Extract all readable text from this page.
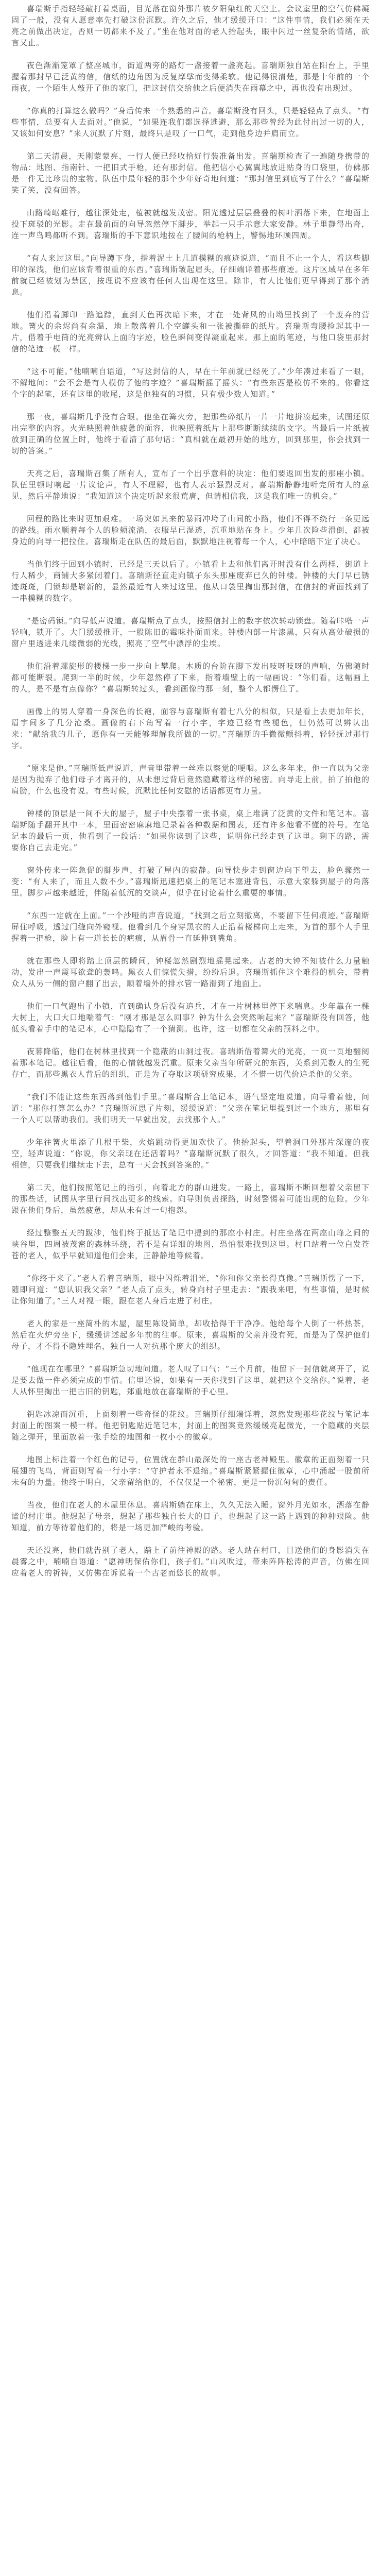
喜瑞斯手指轻轻敲打着桌面，目光落在窗外那片被夕阳染红的天空上。会议室里的空气仿佛凝固了一般，没有人愿意率先打破这份沉默。许久之后，他才缓缓开口：“这件事情，我们必须在天亮之前做出决定，否则一切都来不及了。”坐在他对面的老人抬起头，眼中闪过一丝复杂的情绪，欲言又止。

夜色渐渐笼罩了整座城市，街道两旁的路灯一盏接着一盏亮起。喜瑞斯独自站在阳台上，手里握着那封早已泛黄的信，信纸的边角因为反复摩挲而变得柔软。他记得很清楚，那是十年前的一个雨夜，一个陌生人敲开了他的家门，把这封信交给他之后便消失在雨幕之中，再也没有出现过。

“你真的打算这么做吗？”身后传来一个熟悉的声音。喜瑞斯没有回头，只是轻轻点了点头。“有些事情，总要有人去面对。”他说，“如果连我们都选择逃避，那么那些曾经为此付出过一切的人，又该如何安息？”来人沉默了片刻，最终只是叹了一口气，走到他身边并肩而立。

第二天清晨，天刚蒙蒙亮，一行人便已经收拾好行装准备出发。喜瑞斯检查了一遍随身携带的物品：地图、指南针、一把旧式手枪，还有那封信。他把信小心翼翼地放进贴身的口袋里，仿佛那是一件无比珍贵的宝物。队伍中最年轻的那个少年好奇地问道：“那封信里到底写了什么？”喜瑞斯笑了笑，没有回答。

山路崎岖难行，越往深处走，植被就越发茂密。阳光透过层层叠叠的树叶洒落下来，在地面上投下斑驳的光影。走在最前面的向导忽然停下脚步，举起一只手示意大家安静。林子里静得出奇，连一声鸟鸣都听不到。喜瑞斯的手下意识地按在了腰间的枪柄上，警惕地环顾四周。

“有人来过这里。”向导蹲下身，指着泥土上几道模糊的痕迹说道，“而且不止一个人，看这些脚印的深浅，他们应该背着很重的东西。”喜瑞斯皱起眉头，仔细端详着那些痕迹。这片区域早在多年前就已经被划为禁区，按理说不应该有任何人出现在这里。除非，有人比他们更早得到了那个消息。

他们沿着脚印一路追踪，直到天色再次暗下来，才在一处背风的山坳里找到了一个废弃的营地。篝火的余烬尚有余温，地上散落着几个空罐头和一张被撕碎的纸片。喜瑞斯弯腰捡起其中一片，借着手电筒的光亮辨认上面的字迹，脸色瞬间变得凝重起来。那上面的笔迹，与他口袋里那封信的笔迹一模一样。

“这不可能。”他喃喃自语道，“写这封信的人，早在十年前就已经死了。”少年凑过来看了一眼，不解地问：“会不会是有人模仿了他的字迹？”喜瑞斯摇了摇头：“有些东西是模仿不来的。你看这个字的起笔，还有这里的收尾，这是他独有的习惯，只有极少数人知道。”

那一夜，喜瑞斯几乎没有合眼。他坐在篝火旁，把那些碎纸片一片一片地拼凑起来，试图还原出完整的内容。火光映照着他疲惫的面容，也映照着纸片上那些断断续续的文字。当最后一片纸被放到正确的位置上时，他终于看清了那句话：“真相就在最初开始的地方，回到那里，你会找到一切的答案。”

天亮之后，喜瑞斯召集了所有人，宣布了一个出乎意料的决定：他们要返回出发的那座小镇。队伍里顿时响起一片议论声，有人不理解，也有人表示强烈反对。喜瑞斯静静地听完所有人的意见，然后平静地说：“我知道这个决定听起来很荒唐，但请相信我，这是我们唯一的机会。”

回程的路比来时更加艰难。一场突如其来的暴雨冲垮了山间的小路，他们不得不绕行一条更远的路线。雨水顺着每个人的脸颊流淌，衣服早已湿透，沉重地贴在身上。少年几次险些滑倒，都被身边的向导一把拉住。喜瑞斯走在队伍的最后面，默默地注视着每一个人，心中暗暗下定了决心。

当他们终于回到小镇时，已经是三天以后了。小镇看上去和他们离开时没有什么两样，街道上行人稀少，商铺大多紧闭着门。喜瑞斯径直走向镇子东头那座废弃已久的钟楼。钟楼的大门早已锈迹斑斑，门锁却是崭新的，显然最近有人来过这里。他从口袋里掏出那封信，在信封的背面找到了一串模糊的数字。

“是密码锁。”向导低声说道。喜瑞斯点了点头，按照信封上的数字依次转动锁盘。随着咔嗒一声轻响，锁开了。大门缓缓推开，一股陈旧的霉味扑面而来。钟楼内部一片漆黑，只有从高处破损的窗户里透进来几缕微弱的光线，照亮了空气中漂浮的尘埃。

他们沿着螺旋形的楼梯一步一步向上攀爬。木质的台阶在脚下发出吱呀吱呀的声响，仿佛随时都可能断裂。爬到一半的时候，少年忽然停了下来，指着墙壁上的一幅画说：“你们看，这幅画上的人，是不是有点像你？”喜瑞斯转过头，看到画像的那一刻，整个人都愣住了。

画像上的男人穿着一身深色的长袍，面容与喜瑞斯有着七八分的相似，只是看上去更加年长，眉宇间多了几分沧桑。画像的右下角写着一行小字，字迹已经有些褪色，但仍然可以辨认出来：“献给我的儿子，愿你有一天能够理解我所做的一切。”喜瑞斯的手微微颤抖着，轻轻抚过那行字。

“原来是他。”喜瑞斯低声说道，声音里带着一丝难以察觉的哽咽。这么多年来，他一直以为父亲是因为抛弃了他们母子才离开的，从未想过背后竟然隐藏着这样的秘密。向导走上前，拍了拍他的肩膀，什么也没有说。有些时候，沉默比任何安慰的话语都更有力量。

钟楼的顶层是一间不大的屋子，屋子中央摆着一张书桌，桌上堆满了泛黄的文件和笔记本。喜瑞斯随手翻开其中一本，里面密密麻麻地记录着各种数据和图表，还有许多他看不懂的符号。在笔记本的最后一页，他看到了一段话：“如果你读到了这些，说明你已经走到了这里。剩下的路，需要你自己去走完。”

窗外传来一阵急促的脚步声，打破了屋内的寂静。向导快步走到窗边向下望去，脸色骤然一变：“有人来了，而且人数不少。”喜瑞斯迅速把桌上的笔记本塞进背包，示意大家躲到屋子的角落里。脚步声越来越近，伴随着低沉的交谈声，似乎在讨论着什么重要的事情。

“东西一定就在上面。”一个沙哑的声音说道，“找到之后立刻撤离，不要留下任何痕迹。”喜瑞斯屏住呼吸，透过门缝向外窥视。他看到几个身穿黑衣的人正沿着楼梯向上走来，为首的那个人手里握着一把枪，脸上有一道长长的疤痕，从眉骨一直延伸到嘴角。

就在那些人即将踏上顶层的瞬间，钟楼忽然剧烈地摇晃起来。古老的大钟不知被什么力量触动，发出一声震耳欲聋的轰鸣。黑衣人们惊慌失措，纷纷后退。喜瑞斯抓住这个难得的机会，带着众人从另一侧的窗户翻了出去，顺着墙外的排水管一路滑到了地面上。

他们一口气跑出了小镇，直到确认身后没有追兵，才在一片树林里停下来喘息。少年靠在一棵大树上，大口大口地喘着气：“刚才那是怎么回事？钟为什么会突然响起来？”喜瑞斯没有回答，他低头看着手中的笔记本，心中隐隐有了一个猜测。也许，这一切都在父亲的预料之中。

夜幕降临，他们在树林里找到一个隐蔽的山洞过夜。喜瑞斯借着篝火的光亮，一页一页地翻阅着那本笔记。越往后看，他的心情就越发沉重。原来父亲当年所研究的东西，关系到无数人的生死存亡，而那些黑衣人背后的组织，正是为了夺取这项研究成果，才不惜一切代价追杀他的父亲。

“我们不能让这些东西落到他们手里。”喜瑞斯合上笔记本，语气坚定地说道。向导看着他，问道：“那你打算怎么办？”喜瑞斯沉思了片刻，缓缓说道：“父亲在笔记里提到过一个地方，那里有一个人可以帮助我们。我们明天一早就出发，去找那个人。”

少年往篝火里添了几根干柴，火焰跳动得更加欢快了。他抬起头，望着洞口外那片深邃的夜空，轻声说道：“你说，你父亲现在还活着吗？”喜瑞斯沉默了很久，才回答道：“我不知道。但我相信，只要我们继续走下去，总有一天会找到答案的。”

第二天，他们按照笔记上的指引，向着北方的群山进发。一路上，喜瑞斯不断回想着父亲留下的那些话，试图从字里行间找出更多的线索。向导则负责探路，时刻警惕着可能出现的危险。少年跟在他们身后，虽然疲惫，却从未有过一句抱怨。

经过整整五天的跋涉，他们终于抵达了笔记中提到的那座小村庄。村庄坐落在两座山峰之间的峡谷里，四周被茂密的森林环绕，若不是有详细的地图，恐怕很难找到这里。村口站着一位白发苍苍的老人，似乎早就知道他们会来，正静静地等候着。

“你终于来了。”老人看着喜瑞斯，眼中闪烁着泪光，“你和你父亲长得真像。”喜瑞斯愣了一下，随即问道：“您认识我父亲？”老人点了点头，转身向村子里走去：“跟我来吧，有些事情，是时候让你知道了。”三人对视一眼，跟在老人身后走进了村庄。

老人的家是一座简朴的木屋，屋里陈设简单，却收拾得干干净净。他给每个人倒了一杯热茶，然后在火炉旁坐下，缓缓讲述起多年前的往事。原来，喜瑞斯的父亲并没有死，而是为了保护他们母子，才不得不隐姓埋名，独自一人对抗那个庞大的组织。

“他现在在哪里？”喜瑞斯急切地问道。老人叹了口气：“三个月前，他留下一封信就离开了，说是要去做一件必须完成的事情。信里还说，如果有一天你找到了这里，就把这个交给你。”说着，老人从怀里掏出一把古旧的钥匙，郑重地放在喜瑞斯的手心里。

钥匙冰凉而沉重，上面刻着一些奇怪的花纹。喜瑞斯仔细端详着，忽然发现那些花纹与笔记本封面上的图案一模一样。他把钥匙贴近笔记本，封面上的图案竟然缓缓亮起微光，一个隐藏的夹层随之弹开，里面放着一张手绘的地图和一枚小小的徽章。

地图上标注着一个红色的记号，位置就在群山最深处的一座古老神殿里。徽章的正面刻着一只展翅的飞鸟，背面则写着一行小字：“守护者永不退缩。”喜瑞斯紧紧握住徽章，心中涌起一股前所未有的力量。他终于明白，父亲留给他的，不仅仅是一个秘密，更是一份沉甸甸的责任。

当夜，他们在老人的木屋里休息。喜瑞斯躺在床上，久久无法入睡。窗外月光如水，洒落在静谧的村庄里。他想起了母亲，想起了那些独自长大的日子，也想起了这一路上遇到的种种艰险。他知道，前方等待着他们的，将是一场更加严峻的考验。

天还没亮，他们就告别了老人，踏上了前往神殿的路。老人站在村口，目送他们的身影消失在晨雾之中，喃喃自语道：“愿神明保佑你们，孩子们。”山风吹过，带来阵阵松涛的声音，仿佛在回应着老人的祈祷，又仿佛在诉说着一个古老而悠长的故事。
